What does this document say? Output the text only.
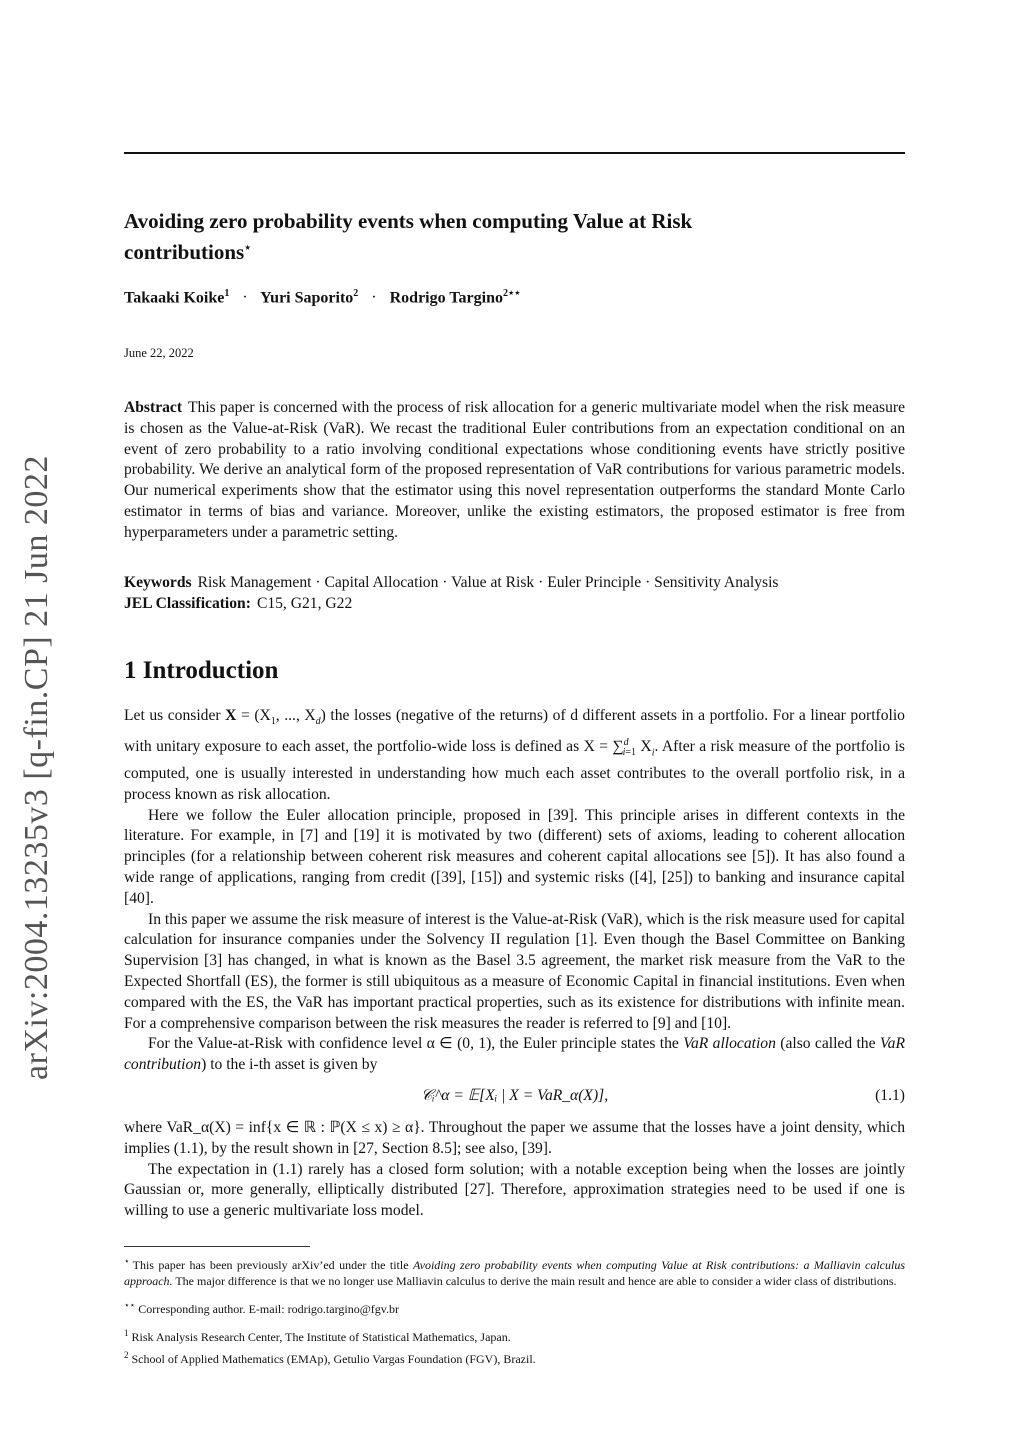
arXiv:2004.13235v3 [q-fin.CP] 21 Jun 2022
Avoiding zero probability events when computing Value at Risk
contributions⋆
Takaaki Koike$^1$ · Yuri Saporito$^2$ · Rodrigo Targino$^{2⋆⋆}$
June 22, 2022
Abstract This paper is concerned with the process of risk allocation for a generic multivariate model when the risk measure is chosen as the Value-at-Risk (VaR). We recast the traditional Euler contributions from an expectation conditional on an event of zero probability to a ratio involving conditional expectations whose conditioning events have strictly positive probability. We derive an analytical form of the proposed representation of VaR contributions for various parametric models. Our numerical experiments show that the estimator using this novel representation outperforms the standard Monte Carlo estimator in terms of bias and variance. Moreover, unlike the existing estimators, the proposed estimator is free from hyperparameters under a parametric setting.
Keywords Risk Management · Capital Allocation · Value at Risk · Euler Principle · Sensitivity Analysis
JEL Classification: C15, G21, G22
1 Introduction

Let us consider $X = (X_1$, ..., $X_d$) the losses (negative of the returns) of d different assets in a portfolio. For a linear portfolio with unitary exposure to each asset, the portfolio-wide loss is defined as X = ∑$^d_{i=1}$ $X_i$. After a risk measure of the portfolio is computed, one is usually interested in understanding how much each asset contributes to the overall portfolio risk, in a process known as risk allocation.

Here we follow the Euler allocation principle, proposed in [39]. This principle arises in different contexts in the literature. For example, in [7] and [19] it is motivated by two (different) sets of axioms, leading to coherent allocation principles (for a relationship between coherent risk measures and coherent capital allocations see [5]). It has also found a wide range of applications, ranging from credit ([39], [15]) and systemic risks ([4], [25]) to banking and insurance capital [40].

In this paper we assume the risk measure of interest is the Value-at-Risk (VaR), which is the risk measure used for capital calculation for insurance companies under the Solvency II regulation [1]. Even though the Basel Committee on Banking Supervision [3] has changed, in what is known as the Basel 3.5 agreement, the market risk measure from the VaR to the Expected Shortfall (ES), the former is still ubiquitous as a measure of Economic Capital in financial institutions. Even when compared with the ES, the VaR has important practical properties, such as its existence for distributions with infinite mean. For a comprehensive comparison between the risk measures the reader is referred to [9] and [10].

For the Value-at-Risk with confidence level α ∈ (0, 1), the Euler principle states the VaR allocation (also called the VaR contribution) to the i-th asset is given by

𝒞ᵢ^α = 𝔼[Xᵢ | X = VaR_α(X)],	(1.1)

where VaR_α(X) = inf{x ∈ ℝ : ℙ(X ≤ x) ≥ α}. Throughout the paper we assume that the losses have a joint density, which implies (1.1), by the result shown in [27, Section 8.5]; see also, [39].

The expectation in (1.1) rarely has a closed form solution; with a notable exception being when the losses are jointly Gaussian or, more generally, elliptically distributed [27]. Therefore, approximation strategies need to be used if one is willing to use a generic multivariate loss model.

⋆ This paper has been previously arXiv’ed under the title Avoiding zero probability events when computing Value at Risk contributions: a Malliavin calculus approach. The major difference is that we no longer use Malliavin calculus to derive the main result and hence are able to consider a wider class of distributions.

⋆⋆ Corresponding author. E-mail: rodrigo.targino@fgv.br

$^1$ Risk Analysis Research Center, The Institute of Statistical Mathematics, Japan.

$^2$ School of Applied Mathematics (EMAp), Getulio Vargas Foundation (FGV), Brazil.
